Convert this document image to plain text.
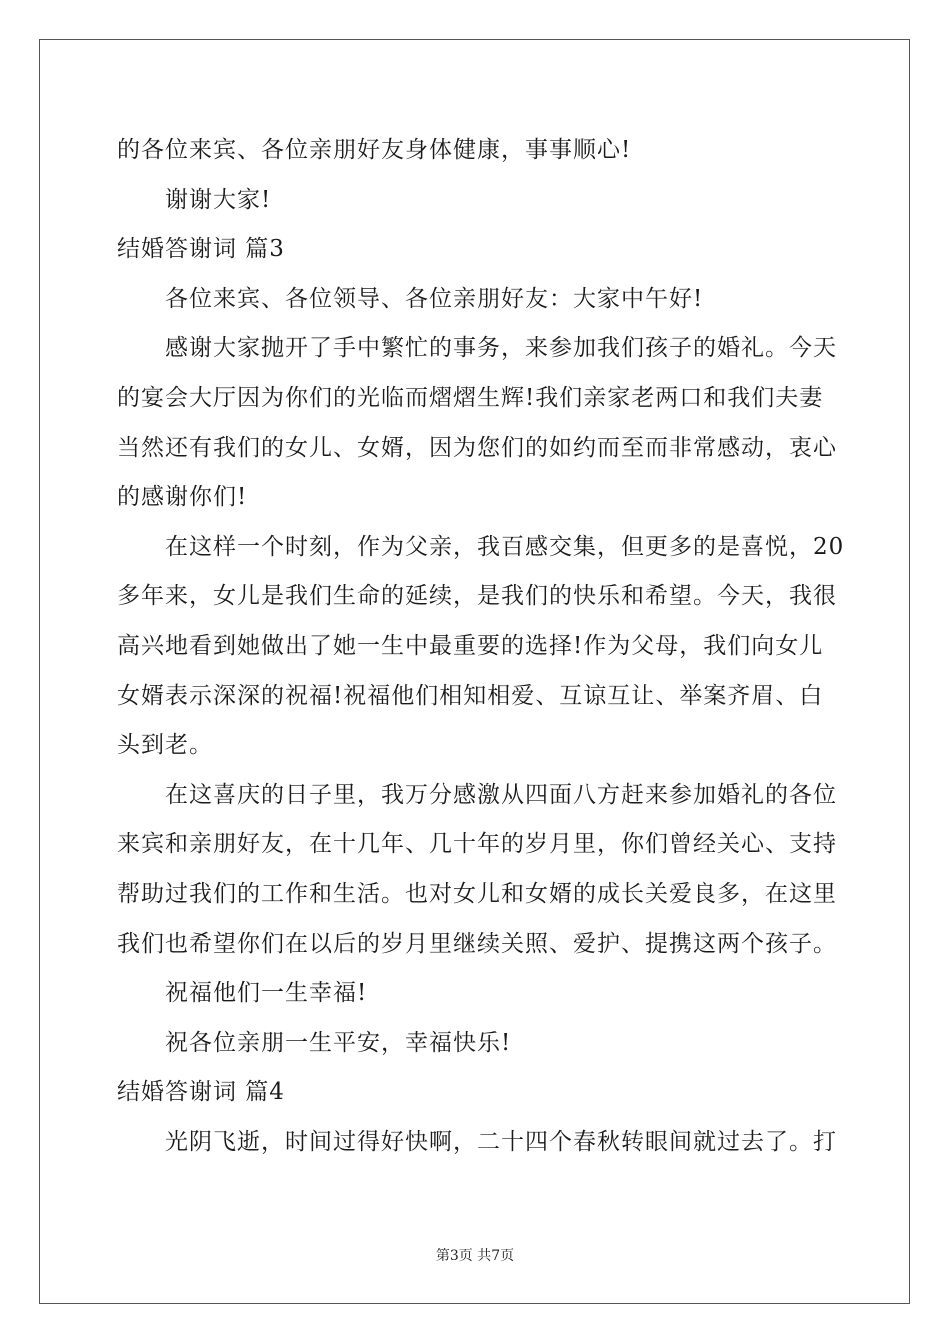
的各位来宾、各位亲朋好友身体健康，事事顺心!
谢谢大家!
结婚答谢词 篇3
各位来宾、各位领导、各位亲朋好友：大家中午好!
感谢大家抛开了手中繁忙的事务，来参加我们孩子的婚礼。今天
的宴会大厅因为你们的光临而熠熠生辉!我们亲家老两口和我们夫妻
当然还有我们的女儿、女婿，因为您们的如约而至而非常感动，衷心
的感谢你们!
在这样一个时刻，作为父亲，我百感交集，但更多的是喜悦，20
多年来，女儿是我们生命的延续，是我们的快乐和希望。今天，我很
高兴地看到她做出了她一生中最重要的选择!作为父母，我们向女儿
女婿表示深深的祝福!祝福他们相知相爱、互谅互让、举案齐眉、白
头到老。
在这喜庆的日子里，我万分感激从四面八方赶来参加婚礼的各位
来宾和亲朋好友，在十几年、几十年的岁月里，你们曾经关心、支持
帮助过我们的工作和生活。也对女儿和女婿的成长关爱良多，在这里
我们也希望你们在以后的岁月里继续关照、爱护、提携这两个孩子。
祝福他们一生幸福!
祝各位亲朋一生平安，幸福快乐!
结婚答谢词 篇4
光阴飞逝，时间过得好快啊，二十四个春秋转眼间就过去了。打
第3页 共7页
